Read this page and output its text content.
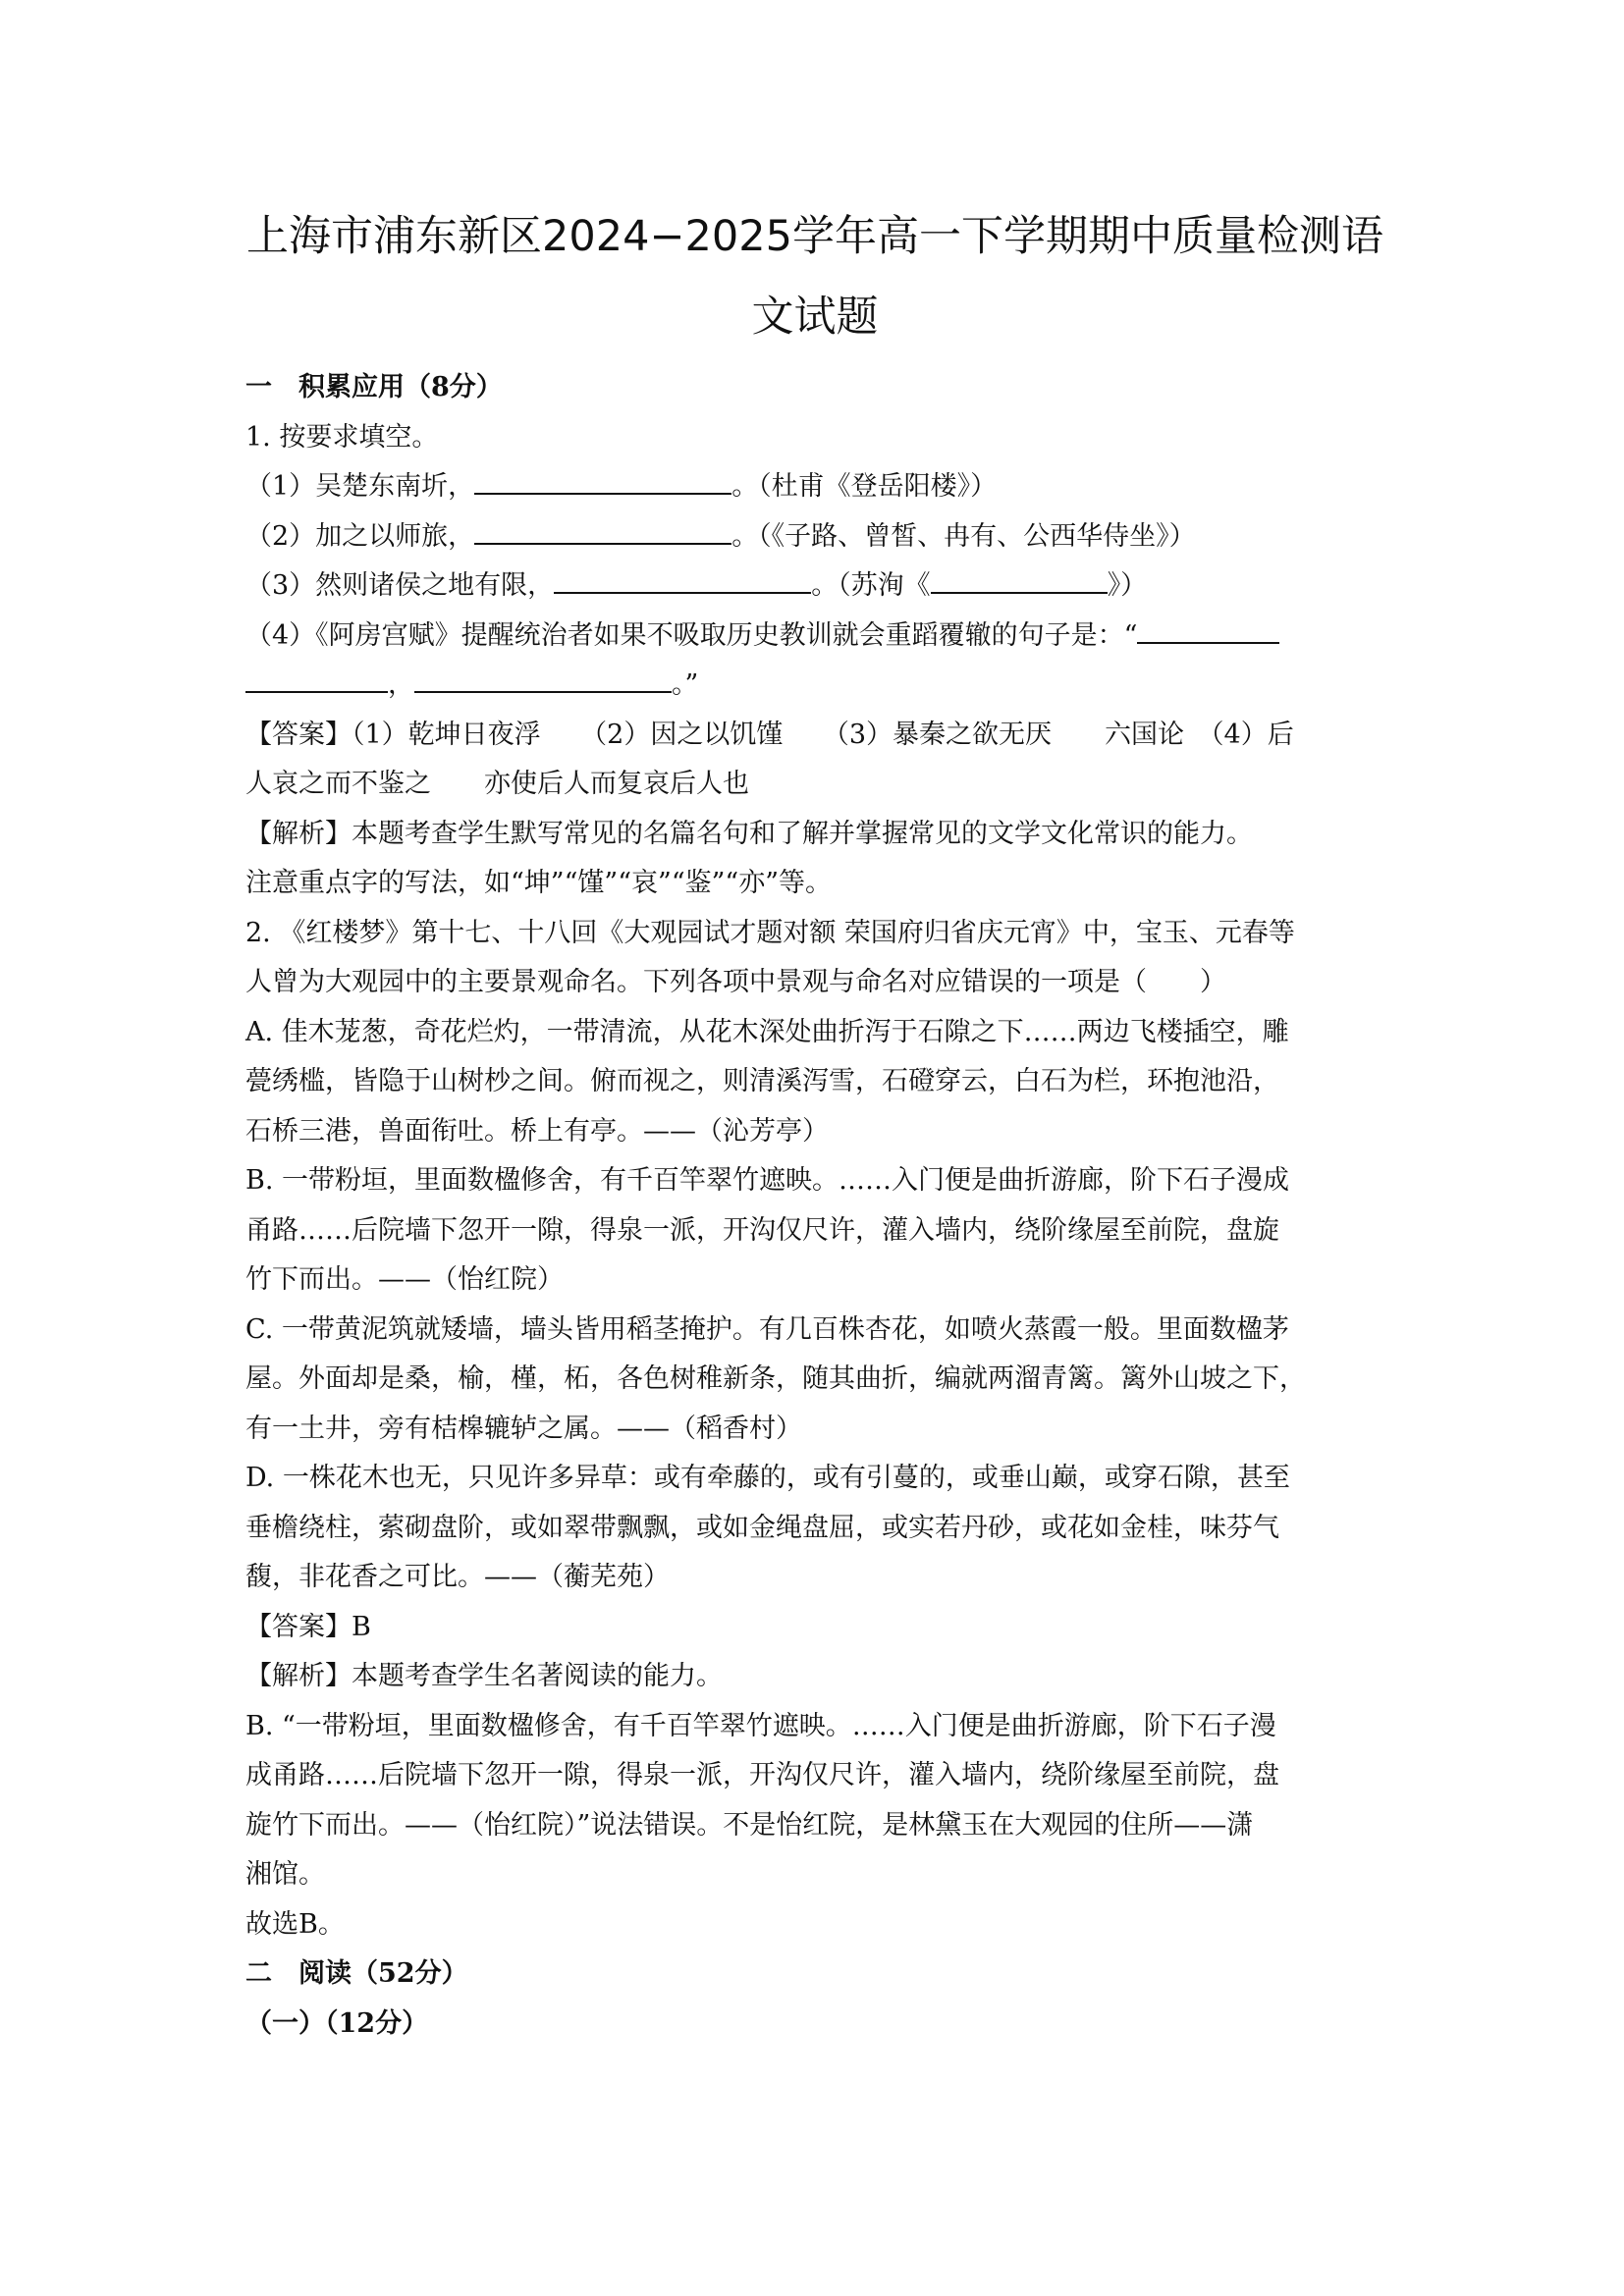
上海市浦东新区2024−2025学年高一下学期期中质量检测语
文试题

一　积累应用（8分）

1. 按要求填空。

（1）吴楚东南圻，	。（杜甫《登岳阳楼》）

（2）加之以师旅，	。（《子路、曾皙、冉有、公西华侍坐》）

（3）然则诸侯之地有限，	。（苏洵《	》）

（4）《阿房宫赋》提醒统治者如果不吸取历史教训就会重蹈覆辙的句子是：“

，	。”

【答案】（1）乾坤日夜浮　　（2）因之以饥馑　　（3）暴秦之欲无厌　　六国论　（4）后

人哀之而不鉴之　　亦使后人而复哀后人也

【解析】本题考查学生默写常见的名篇名句和了解并掌握常见的文学文化常识的能力。

注意重点字的写法，如“坤”“馑”“哀”“鉴”“亦”等。

2. 《红楼梦》第十七、十八回《大观园试才题对额 荣国府归省庆元宵》中，宝玉、元春等

人曾为大观园中的主要景观命名。下列各项中景观与命名对应错误的一项是（　　）

A. 佳木茏葱，奇花烂灼，一带清流，从花木深处曲折泻于石隙之下……两边飞楼插空，雕

甍绣槛，皆隐于山树杪之间。俯而视之，则清溪泻雪，石磴穿云，白石为栏，环抱池沿，

石桥三港，兽面衔吐。桥上有亭。——（沁芳亭）

B. 一带粉垣，里面数楹修舍，有千百竿翠竹遮映。……入门便是曲折游廊，阶下石子漫成

甬路……后院墙下忽开一隙，得泉一派，开沟仅尺许，灌入墙内，绕阶缘屋至前院，盘旋

竹下而出。——（怡红院）

C. 一带黄泥筑就矮墙，墙头皆用稻茎掩护。有几百株杏花，如喷火蒸霞一般。里面数楹茅

屋。外面却是桑，榆，槿，柘，各色树稚新条，随其曲折，编就两溜青篱。篱外山坡之下，

有一土井，旁有桔槔辘轳之属。——（稻香村）

D. 一株花木也无，只见许多异草：或有牵藤的，或有引蔓的，或垂山巅，或穿石隙，甚至

垂檐绕柱，萦砌盘阶，或如翠带飘飘，或如金绳盘屈，或实若丹砂，或花如金桂，味芬气

馥，非花香之可比。——（蘅芜苑）

【答案】B

【解析】本题考查学生名著阅读的能力。

B. “一带粉垣，里面数楹修舍，有千百竿翠竹遮映。……入门便是曲折游廊，阶下石子漫

成甬路……后院墙下忽开一隙，得泉一派，开沟仅尺许，灌入墙内，绕阶缘屋至前院，盘

旋竹下而出。——（怡红院）”说法错误。不是怡红院，是林黛玉在大观园的住所——潇

湘馆。

故选B。

二　阅读（52分）

（一）（12分）
